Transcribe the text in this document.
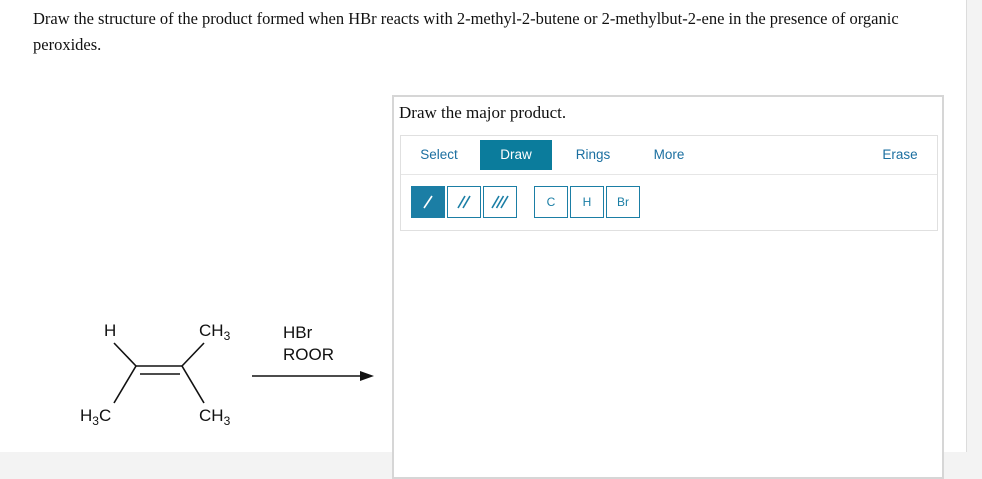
Draw the structure of the product formed when HBr reacts with 2-methyl-2-butene or 2-methylbut-2-ene in the presence of organic peroxides.
H	$CH_3$
$H_3C$	$CH_3$
HBr
ROOR
Draw the major product.
Select	Draw	Rings	More	Erase
C	H	Br
